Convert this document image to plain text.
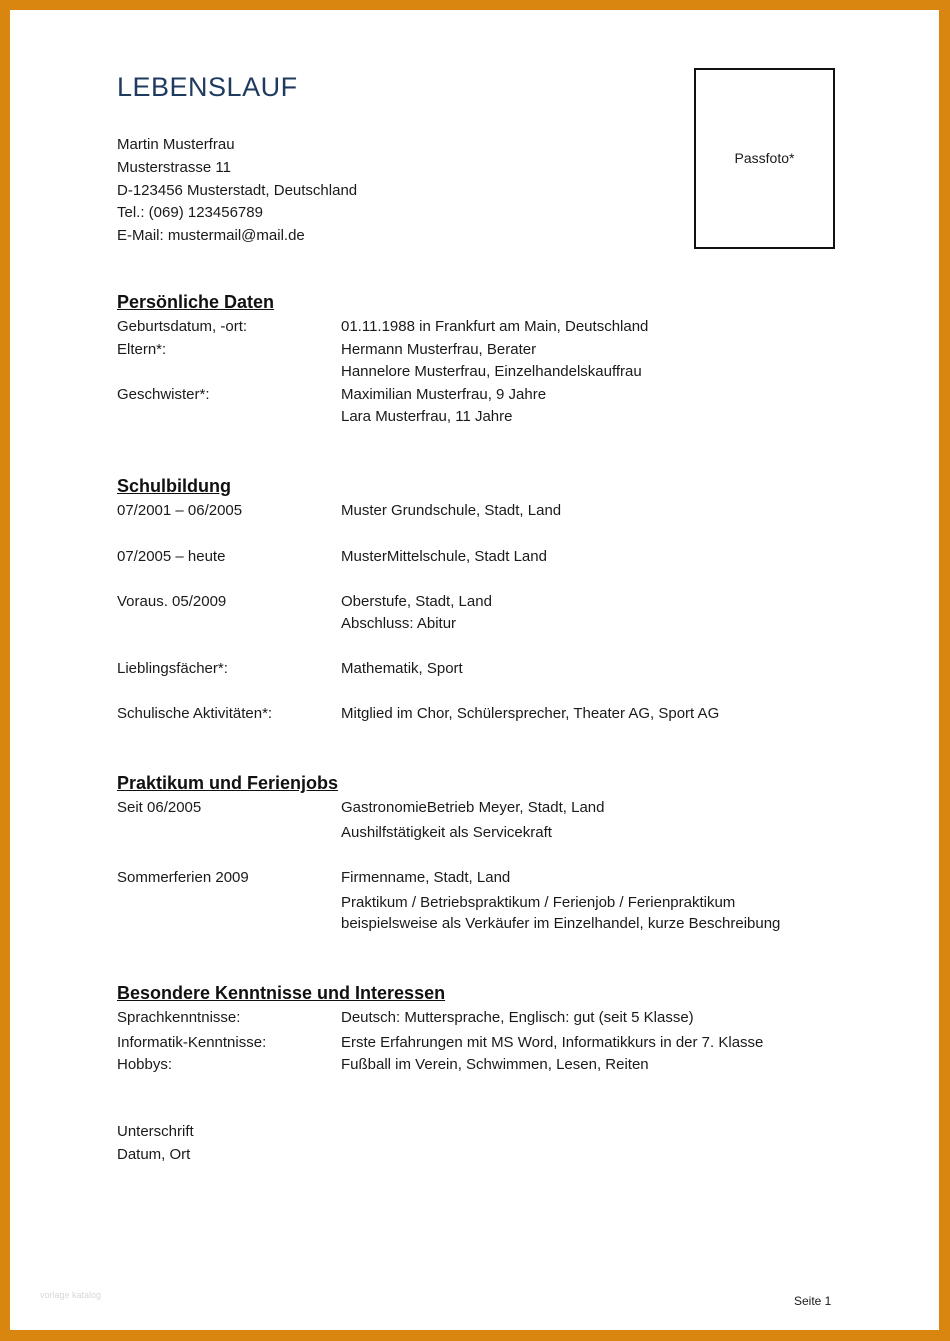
LEBENSLAUF
Martin Musterfrau
Musterstrasse 11
D-123456 Musterstadt, Deutschland
Tel.: (069) 123456789
E-Mail: mustermail@mail.de
Passfoto*
Persönliche Daten
Geburtsdatum, -ort:	01.11.1988 in Frankfurt am Main, Deutschland
Eltern*:	Hermann Musterfrau, Berater
Hannelore Musterfrau, Einzelhandelskauffrau
Geschwister*:	Maximilian Musterfrau, 9 Jahre
Lara Musterfrau, 11 Jahre
Schulbildung
07/2001 – 06/2005	Muster Grundschule, Stadt, Land
07/2005 – heute	MusterMittelschule, Stadt Land
Voraus. 05/2009	Oberstufe, Stadt, Land
Abschluss: Abitur
Lieblingsfächer*:	Mathematik, Sport
Schulische Aktivitäten*:	Mitglied im Chor, Schülersprecher, Theater AG, Sport AG
Praktikum und Ferienjobs
Seit 06/2005	GastronomieBetrieb Meyer, Stadt, Land
Aushilfstätigkeit als Servicekraft
Sommerferien 2009	Firmenname, Stadt, Land
Praktikum / Betriebspraktikum / Ferienjob / Ferienpraktikum
beispielsweise als Verkäufer im Einzelhandel, kurze Beschreibung
Besondere Kenntnisse und Interessen
Sprachkenntnisse:	Deutsch: Muttersprache, Englisch: gut (seit 5 Klasse)
Informatik-Kenntnisse:	Erste Erfahrungen mit MS Word, Informatikkurs in der 7. Klasse
Hobbys:	Fußball im Verein, Schwimmen, Lesen, Reiten
Unterschrift
Datum, Ort
vorlage katalog	Seite 1
